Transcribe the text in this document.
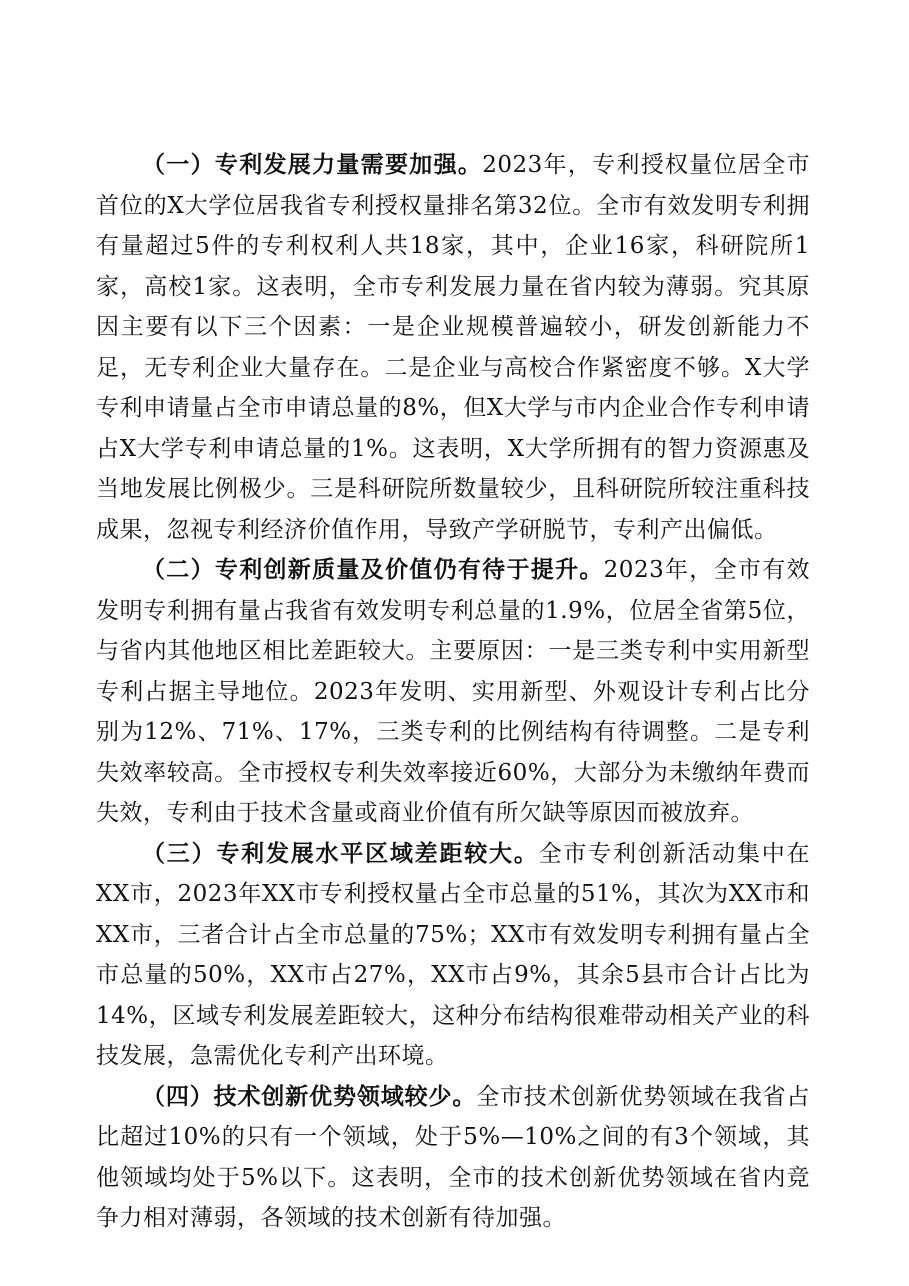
（一）专利发展力量需要加强。2023年，专利授权量位居全市首位的X大学位居我省专利授权量排名第32位。全市有效发明专利拥有量超过5件的专利权利人共18家，其中，企业16家，科研院所1家，高校1家。这表明，全市专利发展力量在省内较为薄弱。究其原因主要有以下三个因素：一是企业规模普遍较小，研发创新能力不足，无专利企业大量存在。二是企业与高校合作紧密度不够。X大学专利申请量占全市申请总量的8%，但X大学与市内企业合作专利申请占X大学专利申请总量的1%。这表明，X大学所拥有的智力资源惠及当地发展比例极少。三是科研院所数量较少，且科研院所较注重科技成果，忽视专利经济价值作用，导致产学研脱节，专利产出偏低。

（二）专利创新质量及价值仍有待于提升。2023年，全市有效发明专利拥有量占我省有效发明专利总量的1.9%，位居全省第5位，与省内其他地区相比差距较大。主要原因：一是三类专利中实用新型专利占据主导地位。2023年发明、实用新型、外观设计专利占比分别为12%、71%、17%，三类专利的比例结构有待调整。二是专利失效率较高。全市授权专利失效率接近60%，大部分为未缴纳年费而失效，专利由于技术含量或商业价值有所欠缺等原因而被放弃。

（三）专利发展水平区域差距较大。全市专利创新活动集中在XX市，2023年XX市专利授权量占全市总量的51%，其次为XX市和XX市，三者合计占全市总量的75%；XX市有效发明专利拥有量占全市总量的50%，XX市占27%，XX市占9%，其余5县市合计占比为14%，区域专利发展差距较大，这种分布结构很难带动相关产业的科技发展，急需优化专利产出环境。

（四）技术创新优势领域较少。全市技术创新优势领域在我省占比超过10%的只有一个领域，处于5%—10%之间的有3个领域，其他领域均处于5%以下。这表明，全市的技术创新优势领域在省内竞争力相对薄弱，各领域的技术创新有待加强。
